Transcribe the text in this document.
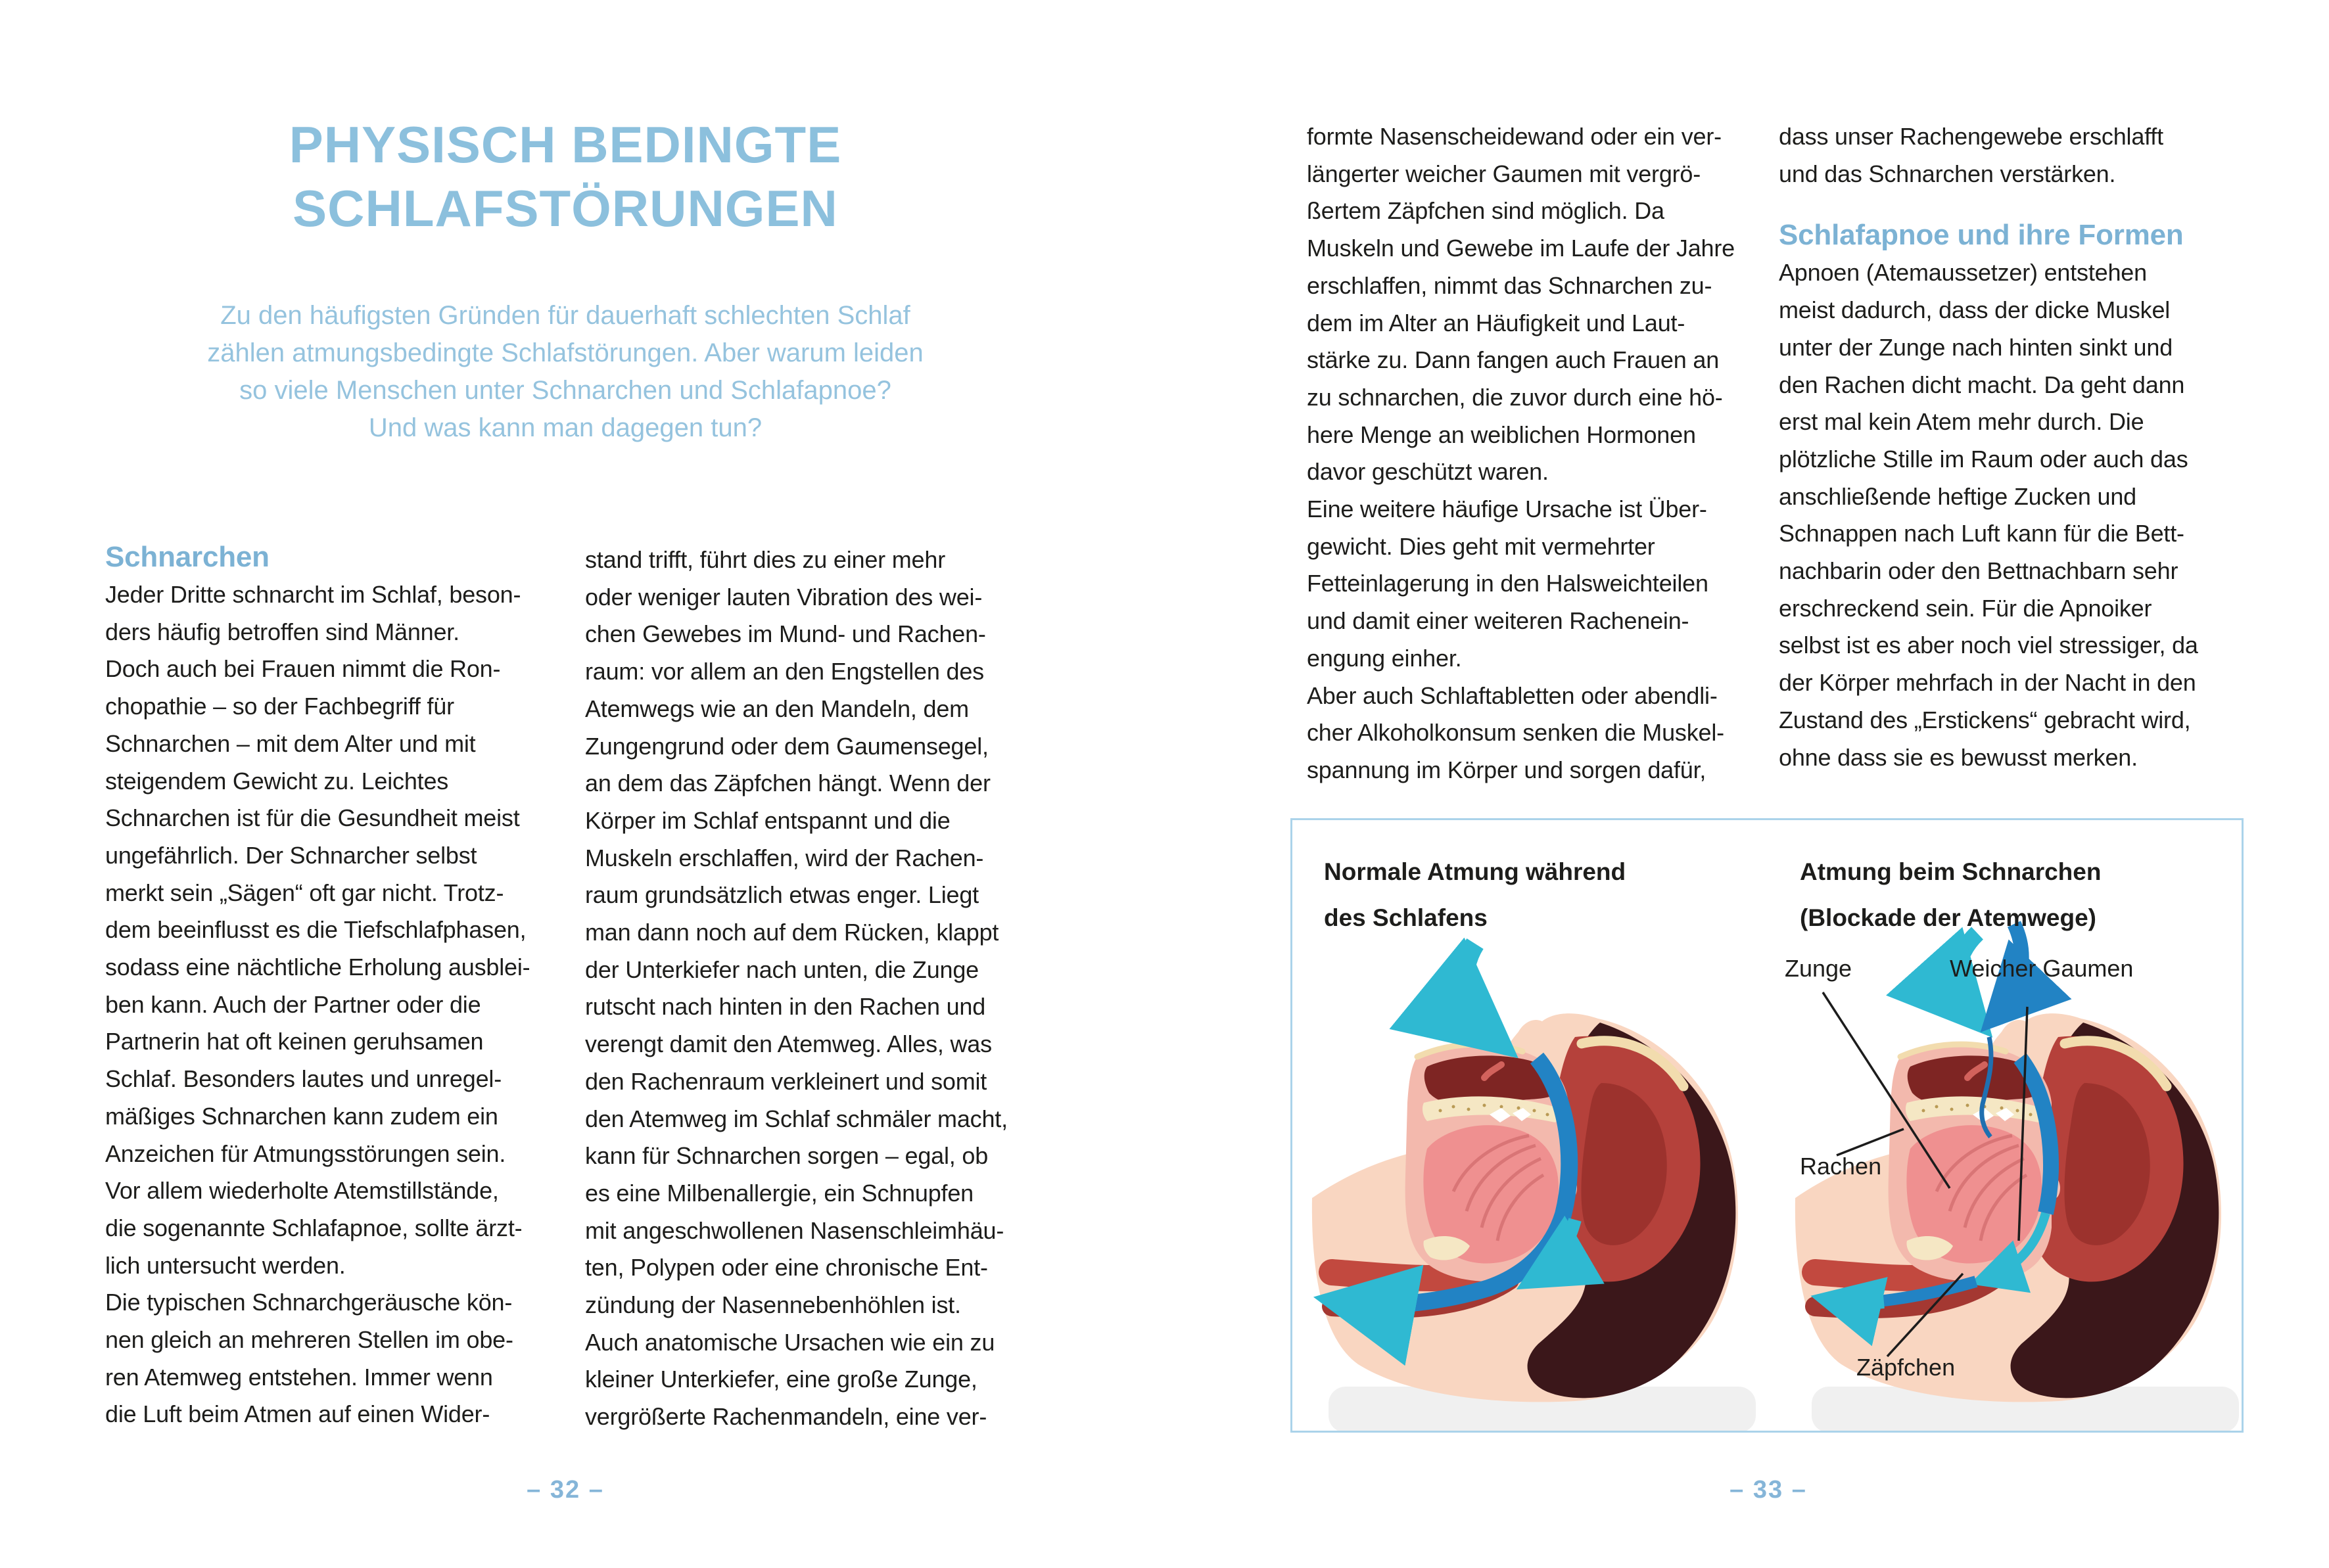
PHYSISCH BEDINGTE
SCHLAFSTÖRUNGEN
Zu den häufigsten Gründen für dauerhaft schlechten Schlaf
zählen atmungsbedingte Schlafstörungen. Aber warum leiden
so viele Menschen unter Schnarchen und Schlafapnoe?
Und was kann man dagegen tun?
Schnarchen
Jeder Dritte schnarcht im Schlaf, beson-
ders häufig betroffen sind Männer.
Doch auch bei Frauen nimmt die Ron-
chopathie – so der Fachbegriff für
Schnarchen – mit dem Alter und mit
steigendem Gewicht zu. Leichtes
Schnarchen ist für die Gesundheit meist
ungefährlich. Der Schnarcher selbst
merkt sein „Sägen“ oft gar nicht. Trotz-
dem beeinflusst es die Tiefschlafphasen,
sodass eine nächtliche Erholung ausblei-
ben kann. Auch der Partner oder die
Partnerin hat oft keinen geruhsamen
Schlaf. Besonders lautes und unregel-
mäßiges Schnarchen kann zudem ein
Anzeichen für Atmungsstörungen sein.
Vor allem wiederholte Atemstillstände,
die sogenannte Schlafapnoe, sollte ärzt-
lich untersucht werden.
Die typischen Schnarchgeräusche kön-
nen gleich an mehreren Stellen im obe-
ren Atemweg entstehen. Immer wenn
die Luft beim Atmen auf einen Wider-
stand trifft, führt dies zu einer mehr
oder weniger lauten Vibration des wei-
chen Gewebes im Mund- und Rachen-
raum: vor allem an den Engstellen des
Atemwegs wie an den Mandeln, dem
Zungengrund oder dem Gaumensegel,
an dem das Zäpfchen hängt. Wenn der
Körper im Schlaf entspannt und die
Muskeln erschlaffen, wird der Rachen-
raum grundsätzlich etwas enger. Liegt
man dann noch auf dem Rücken, klappt
der Unterkiefer nach unten, die Zunge
rutscht nach hinten in den Rachen und
verengt damit den Atemweg. Alles, was
den Rachenraum verkleinert und somit
den Atemweg im Schlaf schmäler macht,
kann für Schnarchen sorgen – egal, ob
es eine Milbenallergie, ein Schnupfen
mit angeschwollenen Nasenschleimhäu-
ten, Polypen oder eine chronische Ent-
zündung der Nasennebenhöhlen ist.
Auch anatomische Ursachen wie ein zu
kleiner Unterkiefer, eine große Zunge,
vergrößerte Rachenmandeln, eine ver-
– 32 –
formte Nasenscheidewand oder ein ver-
längerter weicher Gaumen mit vergrö-
ßertem Zäpfchen sind möglich. Da
Muskeln und Gewebe im Laufe der Jahre
erschlaffen, nimmt das Schnarchen zu-
dem im Alter an Häufigkeit und Laut-
stärke zu. Dann fangen auch Frauen an
zu schnarchen, die zuvor durch eine hö-
here Menge an weiblichen Hormonen
davor geschützt waren.
Eine weitere häufige Ursache ist Über-
gewicht. Dies geht mit vermehrter
Fetteinlagerung in den Halsweichteilen
und damit einer weiteren Rachenein-
engung einher.
Aber auch Schlaftabletten oder abendli-
cher Alkoholkonsum senken die Muskel-
spannung im Körper und sorgen dafür,
dass unser Rachengewebe erschlafft
und das Schnarchen verstärken.
Schlafapnoe und ihre Formen
Apnoen (Atemaussetzer) entstehen
meist dadurch, dass der dicke Muskel
unter der Zunge nach hinten sinkt und
den Rachen dicht macht. Da geht dann
erst mal kein Atem mehr durch. Die
plötzliche Stille im Raum oder auch das
anschließende heftige Zucken und
Schnappen nach Luft kann für die Bett-
nachbarin oder den Bettnachbarn sehr
erschreckend sein. Für die Apnoiker
selbst ist es aber noch viel stressiger, da
der Körper mehrfach in der Nacht in den
Zustand des „Erstickens“ gebracht wird,
ohne dass sie es bewusst merken.
– 33 –
Normale Atmung während
des Schlafens
Atmung beim Schnarchen
(Blockade der Atemwege)
Zunge	Weicher Gaumen
Rachen
Zäpfchen
